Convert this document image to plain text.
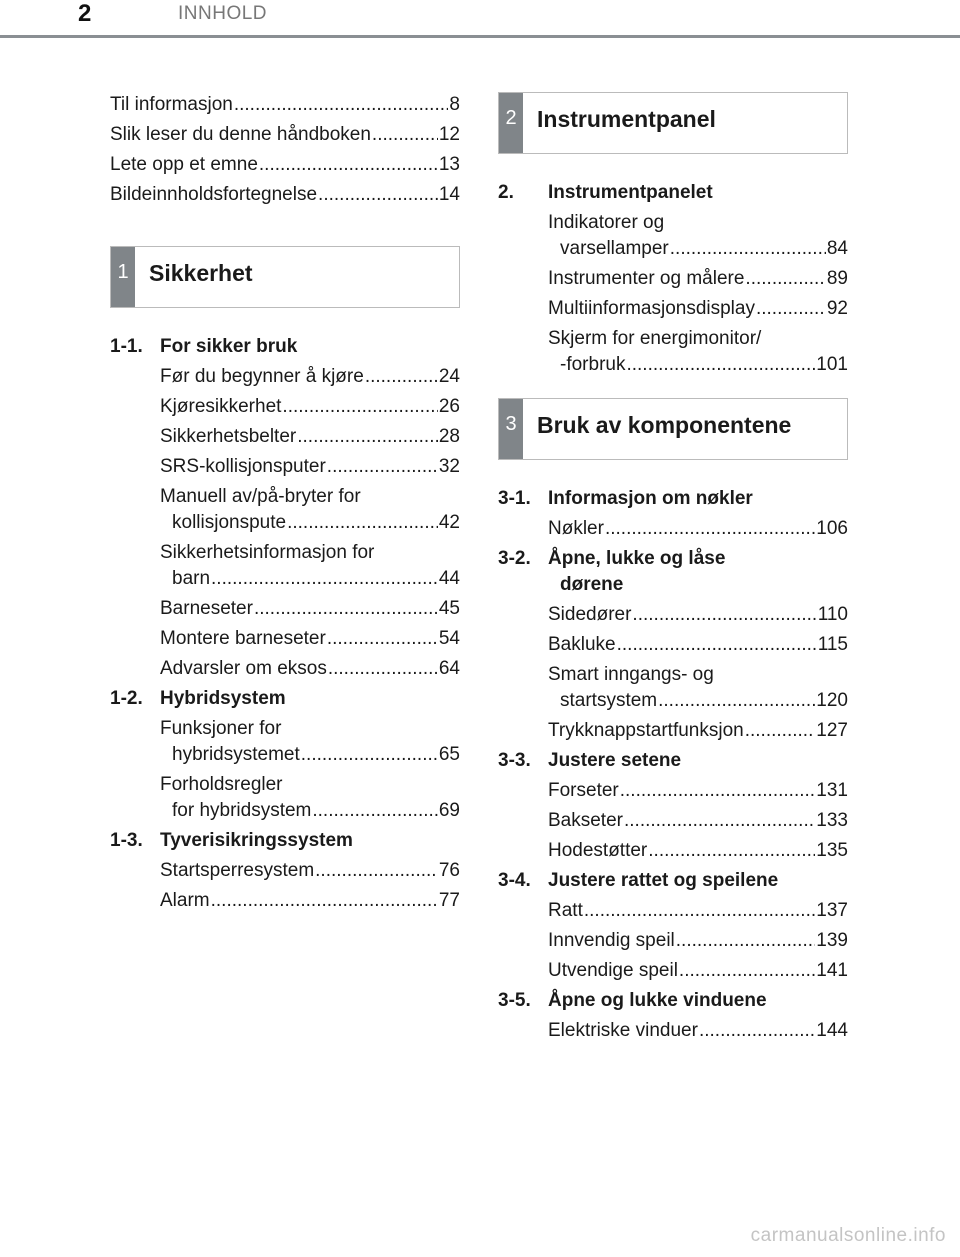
2	INNHOLD
Til informasjon .....	8
Slik leser du denne håndboken .....	12
Lete opp et emne .....	13
Bildeinnholdsfortegnelse .....	14
1 Sikkerhet
1-1. For sikker bruk
Før du begynner å kjøre .....	24
Kjøresikkerhet .....	26
Sikkerhetsbelter .....	28
SRS-kollisjonsputer .....	32
Manuell av/på-bryter for
kollisjonspute .....	42
Sikkerhetsinformasjon for
barn .....	44
Barneseter .....	45
Montere barneseter .....	54
Advarsler om eksos .....	64
1-2. Hybridsystem
Funksjoner for
hybridsystemet .....	65
Forholdsregler
for hybridsystem .....	69
1-3. Tyverisikringssystem
Startsperresystem .....	76
Alarm .....	77
2 Instrumentpanel
2.	Instrumentpanelet
Indikatorer og
varsellamper .....	84
Instrumenter og målere .....	89
Multiinformasjonsdisplay .....	92
Skjerm for energimonitor/
-forbruk .....	101
3 Bruk av komponentene
3-1. Informasjon om nøkler
Nøkler .....	106
3-2. Åpne, lukke og låse
dørene
Sidedører .....	110
Bakluke .....	115
Smart inngangs- og
startsystem .....	120
Trykknappstartfunksjon .....	127
3-3. Justere setene
Forseter .....	131
Bakseter .....	133
Hodestøtter .....	135
3-4. Justere rattet og speilene
Ratt .....	137
Innvendig speil .....	139
Utvendige speil .....	141
3-5. Åpne og lukke vinduene
Elektriske vinduer .....	144
carmanualsonline.info
